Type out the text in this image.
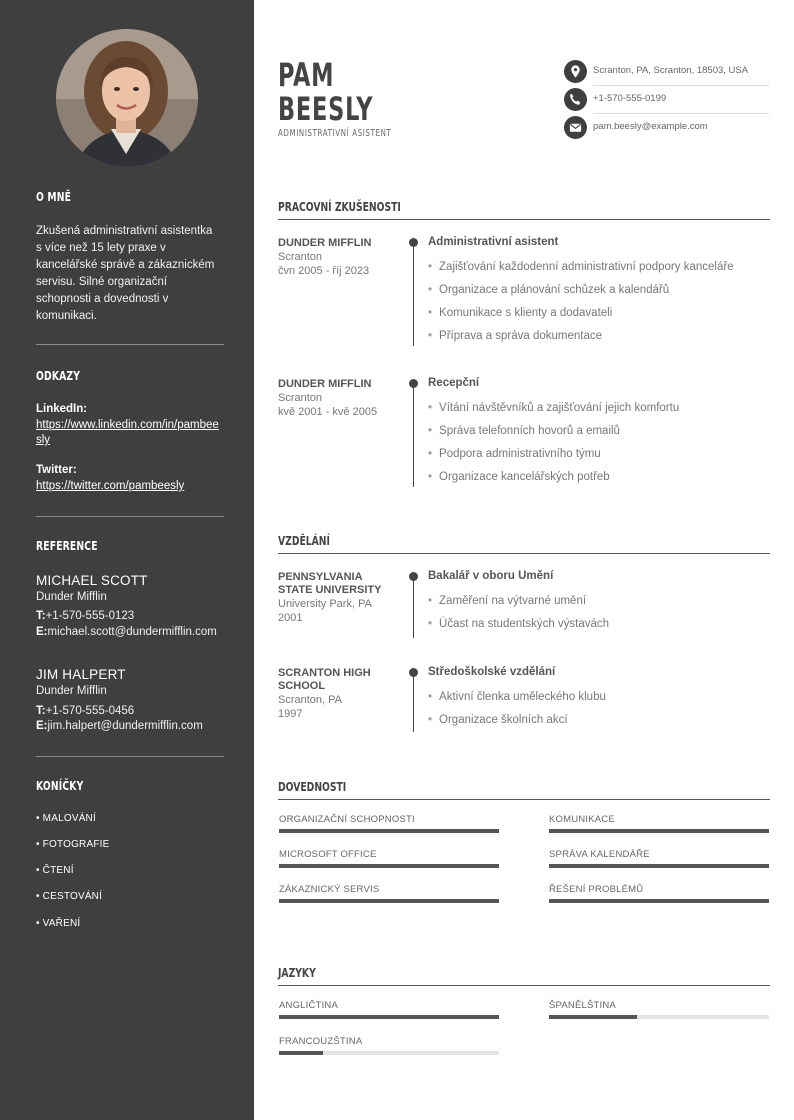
O MNĚ
Zkušená administrativní asistentka s více než 15 lety praxe v kancelářské správě a zákaznickém servisu. Silné organizační schopnosti a dovednosti v komunikaci.
ODKAZY
LinkedIn:
https://www.linkedin.com/in/pambeesly
Twitter:
https://twitter.com/pambeesly
REFERENCE
MICHAEL SCOTT
Dunder Mifflin
T:+1-570-555-0123
E:michael.scott@dundermifflin.com
JIM HALPERT
Dunder Mifflin
T:+1-570-555-0456
E:jim.halpert@dundermifflin.com
KONÍČKY
• MALOVÁNÍ
• FOTOGRAFIE
• ČTENÍ
• CESTOVÁNÍ
• VAŘENÍ
PAM
BEESLY
ADMINISTRATIVNÍ ASISTENT
Scranton, PA, Scranton, 18503, USA
+1-570-555-0199
pam.beesly@example.com
PRACOVNÍ ZKUŠENOSTI
DUNDER MIFFLIN
Scranton
čvn 2005 - říj 2023
Administrativní asistent
• Zajišťování každodenní administrativní podpory kanceláře
• Organizace a plánování schůzek a kalendářů
• Komunikace s klienty a dodavateli
• Příprava a správa dokumentace
DUNDER MIFFLIN
Scranton
kvě 2001 - kvě 2005
Recepční
• Vítání návštěvníků a zajišťování jejich komfortu
• Správa telefonních hovorů a emailů
• Podpora administrativního týmu
• Organizace kancelářských potřeb
VZDĚLÁNÍ
PENNSYLVANIA
STATE UNIVERSITY
University Park, PA
2001
Bakalář v oboru Umění
• Zaměření na výtvarné umění
• Účast na studentských výstavách
SCRANTON HIGH
SCHOOL
Scranton, PA
1997
Středoškolské vzdělání
• Aktivní členka uměleckého klubu
• Organizace školních akcí
DOVEDNOSTI
ORGANIZAČNÍ SCHOPNOSTI	KOMUNIKACE
MICROSOFT OFFICE	SPRÁVA KALENDÁŘE
ZÁKAZNICKÝ SERVIS	ŘEŠENÍ PROBLÉMŮ
JAZYKY
ANGLIČTINA	ŠPANĚLŠTINA
FRANCOUZŠTINA
